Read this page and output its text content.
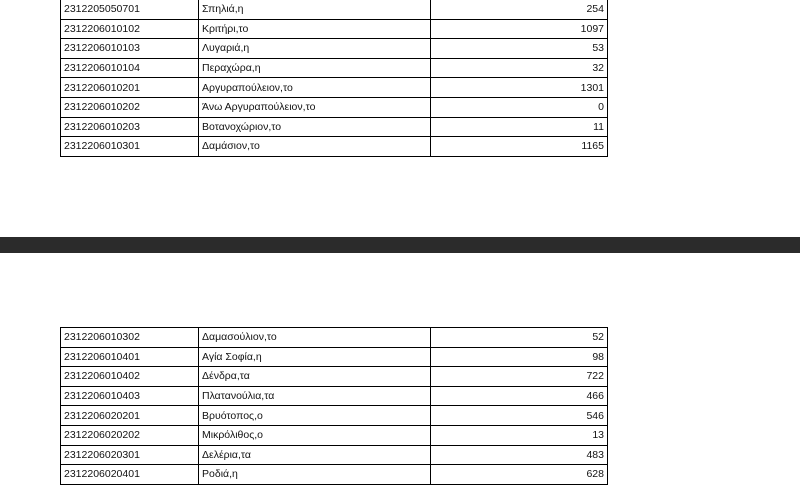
2312205050701	Σπηλιά,η	254
2312206010102	Κριτήρι,το	1097
2312206010103	Λυγαριά,η	53
2312206010104	Περαχώρα,η	32
2312206010201	Αργυραπούλειον,το	1301
2312206010202	Άνω Αργυραπούλειον,το	0
2312206010203	Βοτανοχώριον,το	11
2312206010301	Δαμάσιον,το	1165
2312206010302	Δαμασούλιον,το	52
2312206010401	Αγία Σοφία,η	98
2312206010402	Δένδρα,τα	722
2312206010403	Πλατανούλια,τα	466
2312206020201	Βρυότοπος,ο	546
2312206020202	Μικρόλιθος,ο	13
2312206020301	Δελέρια,τα	483
2312206020401	Ροδιά,η	628
